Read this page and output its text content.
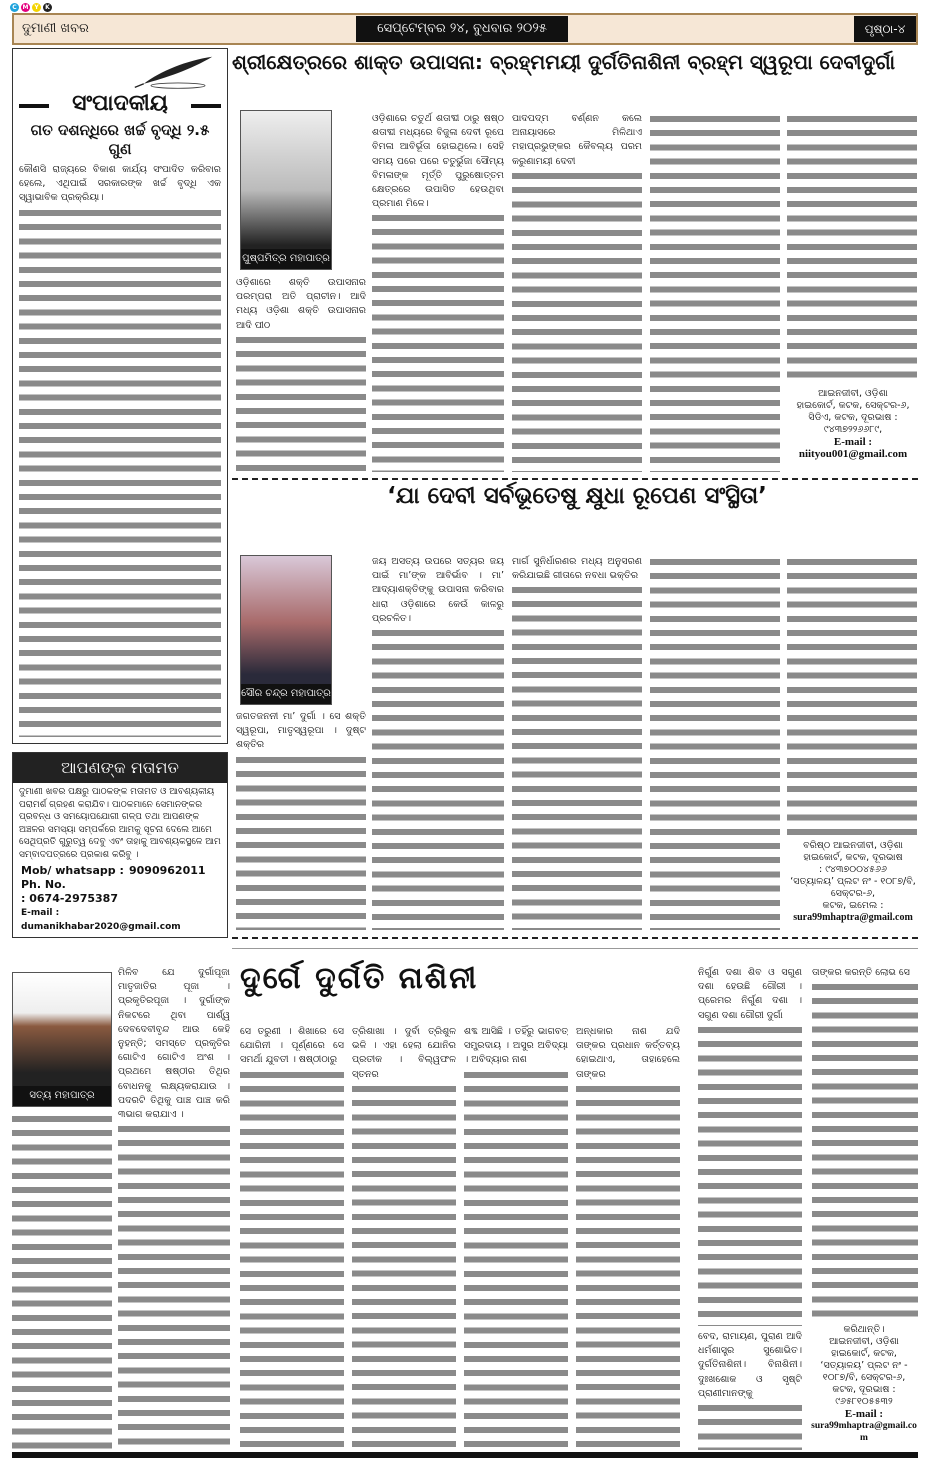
C M Y	K
ଦୁମାଣୀ ଖବର	ସେପ୍ଟେମ୍ବର ୨୪, ବୁଧବାର ୨୦୨୫	ପୃଷ୍ଠା-୪
ସଂପାଦକୀୟ
ଗତ ଦଶନ୍ଧିରେ ଖର୍ଚ୍ଚ ବୃଦ୍ଧି ୨.୫ ଗୁଣ
କୌଣସି ରାଜ୍ୟରେ ବିକାଶ କାର୍ଯ୍ୟ ସଂପାଦିତ କରିବାର ହେଲେ, ଏଥିପାଇଁ ସରକାରଙ୍କ ଖର୍ଚ୍ଚ ବୃଦ୍ଧି ଏକ ସ୍ୱାଭାବିକ ପ୍ରକ୍ରିୟା।
ଶ୍ରୀକ୍ଷେତ୍ରରେ ଶାକ୍ତ ଉପାସନା: ବ୍ରହ୍ମମୟୀ ଦୁର୍ଗତିନାଶିନୀ ବ୍ରହ୍ମ ସ୍ୱରୂପା ଦେବୀଦୁର୍ଗା
ପୁଷ୍ପମିତ୍ର ମହାପାତ୍ର
ଓଡ଼ିଶାରେ ଶକ୍ତି ଉପାସନାର ପରମ୍ପରା ଅତି ପ୍ରାଚୀନ। ଆଦି ମଧ୍ୟ ଓଡ଼ିଶା ଶକ୍ତି ଉପାସନାର ଆଦି ପୀଠ
ଓଡ଼ିଶାରେ ଚତୁର୍ଥ ଶତାବ୍ଦୀ ଠାରୁ ଷଷ୍ଠ ଶତାବ୍ଦୀ ମଧ୍ୟରେ ବିଜୁଳା ଦେବୀ ରୂପେ ବିମଳା ଆବିର୍ଭୂତା ହୋଇଥିଲେ। ସେହି ସମୟ ପରେ ପରେ ଚତୁର୍ଭୁଜା ସୌମ୍ୟ ବିମଳାଙ୍କ ମୂର୍ତ୍ତି ପୁରୁଷୋତ୍ତମ କ୍ଷେତ୍ରରେ ଉପାସିତ ହେଉଥିବା ପ୍ରମାଣ ମିଳେ।
ପାଦପଦ୍ମ ବର୍ଣ୍ଣନ କଲେ ଅନାୟାସରେ ମିଳିଥାଏ ମହାପ୍ରଭୁଙ୍କର କୈବଲ୍ୟ ପରମ କରୁଣାମୟୀ ଦେବୀ
ଆଇନଜୀବୀ, ଓଡ଼ିଶା
ହାଇକୋର୍ଟ, କଟକ, ସେକ୍ଟର-୬, ସିଡିଏ, କଟକ, ଦୂରଭାଷ :
୯୪୩୭୨୨୬୬୮୯,
E-mail :
niityou001@gmail.com
‘ଯା ଦେବୀ ସର୍ବଭୂତେଷୁ କ୍ଷୁଧା ରୂପେଣ ସଂସ୍ଥିତା’
ସୌର ଚନ୍ଦ୍ର ମହାପାତ୍ର
ଜଗତଜନନୀ ମା’ ଦୁର୍ଗା । ସେ ଶକ୍ତି ସ୍ୱରୂପା, ମାତୃସ୍ୱରୂପା । ଦୁଷ୍ଟ ଶକ୍ତିର
ଜୟ ଅସତ୍ୟ ଉପରେ ସତ୍ୟର ଜୟ ପାଇଁ ମା’ଙ୍କ ଆବିର୍ଭାବ । ମା’ ଆଦ୍ୟାଶକ୍ତିଙ୍କୁ ଉପାସନା କରିବାର ଧାରା ଓଡ଼ିଶାରେ କେଉଁ କାଳରୁ ପ୍ରଚଳିତ।
ମାର୍ଗ ସୁନିର୍ଧାରଣର ମଧ୍ୟ ଅନୁସରଣ କରିଯାଇଛି ଗୀତାରେ ନବଧା ଭକ୍ତିର
ବରିଷ୍ଠ ଆଇନଜୀବୀ, ଓଡ଼ିଶା
ହାଇକୋର୍ଟ, କଟକ, ଦୂରଭାଷ
: ୯୪୩୭୦୦୪୫୬୬
‘ସତ୍ୟାଳୟ’ ପ୍ଲଟ ନଂ - ୧୦୮୭/ବି, ସେକ୍ଟର-୬,
କଟକ, ଇମେଲ :
sura99mhaptra@gmail.com
ଆପଣଙ୍କ ମତାମତ
ଦୁମାଣୀ ଖବର ପକ୍ଷରୁ ପାଠକଙ୍କ ମତାମତ ଓ ଆବଶ୍ୟକୀୟ ପରାମର୍ଶ ଗ୍ରହଣ କରାଯିବ। ପାଠକମାନେ ସେମାନଙ୍କର ପ୍ରବନ୍ଧ ଓ ସମୟୋପଯୋଗୀ ଗଳ୍ପ ତଥା ଆପଣଙ୍କ ଅଞ୍ଚଳର ସମସ୍ୟା ସମ୍ପର୍କରେ ଆମକୁ ସୂଚନା ଦେଲେ ଆମେ ସେଥିପ୍ରତି ଗୁରୁତ୍ୱ ଦେବୁ ଏବଂ ତାହାକୁ ଆବଶ୍ୟକସ୍ଥଳେ ଆମ ସମ୍ବାଦପତ୍ରରେ ପ୍ରକାଶ କରିବୁ ।
Mob/ whatsapp : 9090962011
Ph. No.: 0674-2975387
E-mail : dumanikhabar2020@gmail.com
ସତ୍ୟ ମହାପାତ୍ର
ମିଳିବ ଯେ ଦୁର୍ଗାପୂଜା ମାତୃଜାତିର ପୂଜା । ପ୍ରକୃତିରପୂଜା । ଦୁର୍ଗାଙ୍କ ନିକଟରେ ଥିବା ପାର୍ଶ୍ୱ ଦେବଦେବୀବୃନ୍ଦ ଆଉ କେହି ନୁହନ୍ତି; ସମସ୍ତେ ପ୍ରକୃତିର ଗୋଟିଏ ଗୋଟିଏ ଅଂଶ । ପ୍ରଥମେ ଷଷ୍ଠୀର ତିଥିର ବୋଧନକୁ ଲକ୍ଷ୍ୟକରାଯାଉ । ପଦରଟି ତିଥିକୁ ପାଞ୍ଚ ପାଞ୍ଚ କରି ୩ଭାଗ କରାଯାଏ ।
ଦୁର୍ଗେ ଦୁର୍ଗତି ନାଶିନୀ
ସେ ତରୁଣୀ । ଶିଖାରେ ସେ ଯୋଗିନୀ । ପୂର୍ଣ୍ଣରେ ସେ ସମର୍ଥା ଯୁବତୀ । ଷଷ୍ଠୀଠାରୁ
ତ୍ରିଶାଖା । ଦୁର୍ବା ତ୍ରିଶୁଳ ଭଳି । ଏହା ହେଲା ଯୋନିର ପ୍ରତୀକ । ବିଲ୍ୱଫଳ ସ୍ତନର
ଶବ୍ଦ ଆସିଛି । ତହିଁରୁ ଭାଗବତ୍ ସମ୍ପ୍ରଦାୟ । ଅସୁର ଅବିଦ୍ୟା । ଅବିଦ୍ୟାର ନାଶ
ଅନ୍ଧକାର ନାଶ ଯଦି ତାଙ୍କର ପ୍ରଧାନ କର୍ତ୍ତବ୍ୟ ହୋଇଥାଏ, ତାହାହେଲେ ତାଙ୍କର
ନିର୍ଗୁଣ ଦଶା ଶିବ ଓ ସଗୁଣ ଦଶା ହେଉଛି ଗୌରୀ । ପ୍ରେମର ନିର୍ଗୁଣ ଦଶା । ସଗୁଣ ଦଶା ଗୌରୀ ଦୁର୍ଗା
ବେଦ, ରାମାୟଣ, ପୁରାଣ ଆଦି ଧର୍ମଶାସ୍ତ୍ର ସୁଶୋଭିତ। ଦୁର୍ଗତିନାଶିନୀ। ବିନାଶିନୀ। ଦୁଃଖଶୋକ ଓ ସୃଷ୍ଟି ପ୍ରାଣୀମାନଙ୍କୁ
ତାଙ୍କର କରନ୍ତି ଲୋଭ ସେ
କରିଥାନ୍ତି।
ଆଇନଜୀବୀ, ଓଡ଼ିଶା
ହାଇକୋର୍ଟ, କଟକ,
‘ସତ୍ୟାଳୟ’ ପ୍ଲଟ ନଂ -
୧୦୮୭/ବି, ସେକ୍ଟର-୬,
କଟକ, ଦୂରଭାଷ :
୯୬୫୮୧୦୫୫୩୨
E-mail :
sura99mhaptra@gmail.com
